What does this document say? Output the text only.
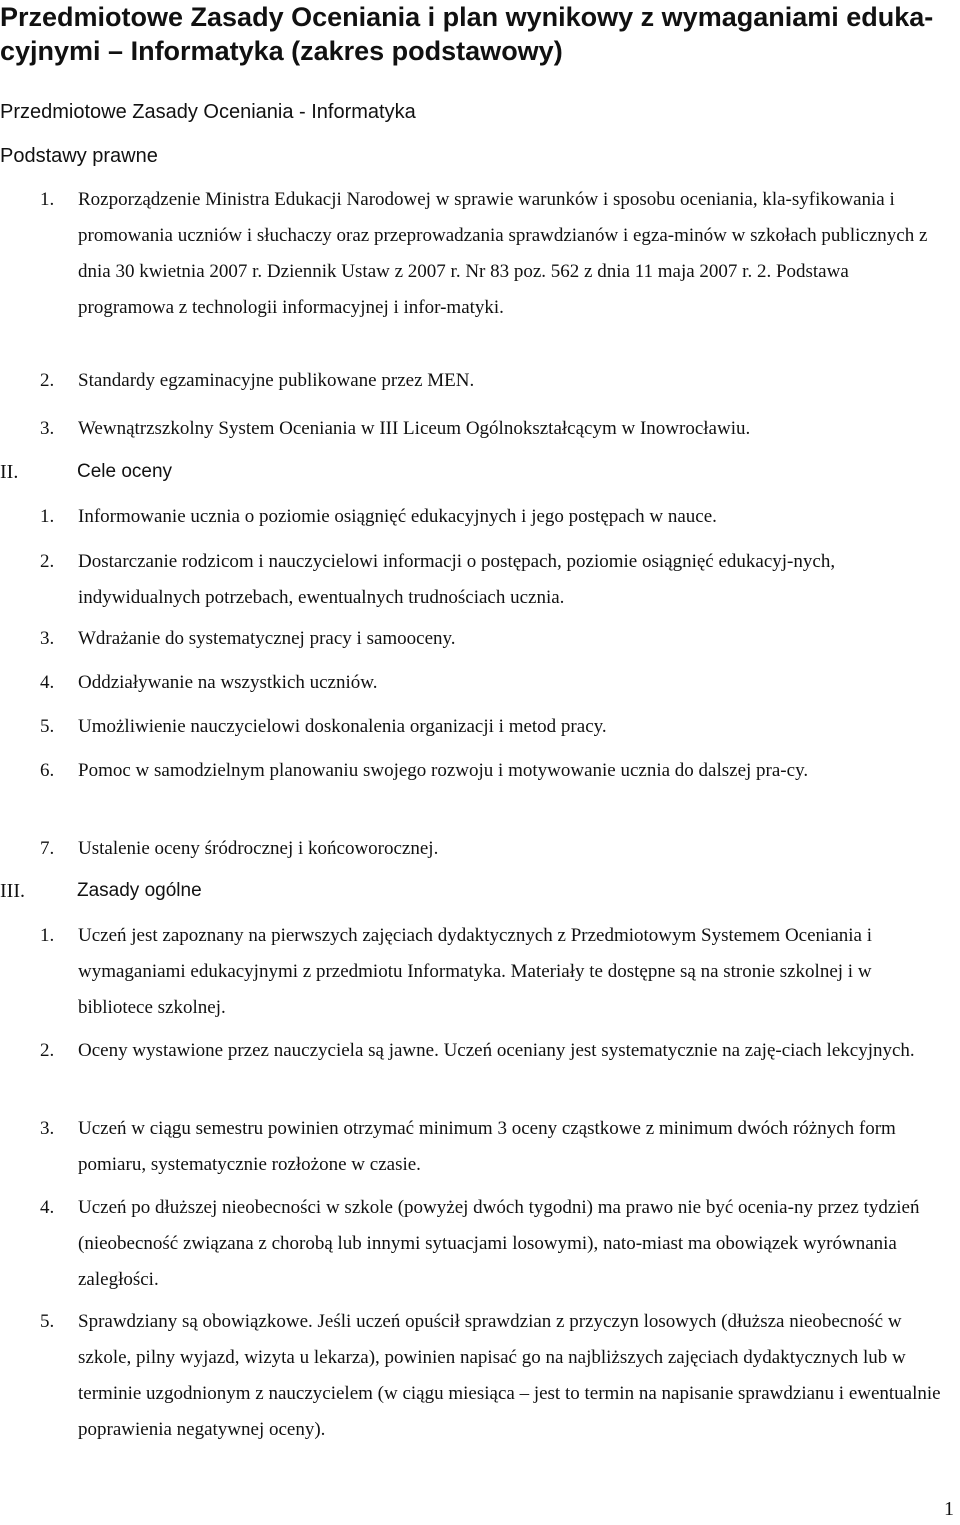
Przedmiotowe Zasady Oceniania i plan wynikowy z wymaganiami eduka-
cyjnymi – Informatyka (zakres podstawowy)
Przedmiotowe Zasady Oceniania - Informatyka
Podstawy prawne
1.	Rozporządzenie Ministra Edukacji Narodowej w sprawie warunków i sposobu oceniania, kla-syfikowania i promowania uczniów i słuchaczy oraz przeprowadzania sprawdzianów i egza-minów w szkołach publicznych z dnia 30 kwietnia 2007 r. Dziennik Ustaw z 2007 r. Nr 83 poz. 562 z dnia 11 maja 2007 r. 2. Podstawa programowa z technologii informacyjnej i infor-matyki.
2.	Standardy egzaminacyjne publikowane przez MEN.
3.	Wewnątrzszkolny System Oceniania w III Liceum Ogólnokształcącym w Inowrocławiu.
II.	Cele oceny
1.	Informowanie ucznia o poziomie osiągnięć edukacyjnych i jego postępach w nauce.
2.	Dostarczanie rodzicom i nauczycielowi informacji o postępach, poziomie osiągnięć edukacyj-nych, indywidualnych potrzebach, ewentualnych trudnościach ucznia.
3.	Wdrażanie do systematycznej pracy i samooceny.
4.	Oddziaływanie na wszystkich uczniów.
5.	Umożliwienie nauczycielowi doskonalenia organizacji i metod pracy.
6.	Pomoc w samodzielnym planowaniu swojego rozwoju i motywowanie ucznia do dalszej pra-cy.
7.	Ustalenie oceny śródrocznej i końcoworocznej.
III.	Zasady ogólne
1.	Uczeń jest zapoznany na pierwszych zajęciach dydaktycznych z Przedmiotowym Systemem Oceniania i wymaganiami edukacyjnymi z przedmiotu Informatyka. Materiały te dostępne są na stronie szkolnej i w bibliotece szkolnej.
2.	Oceny wystawione przez nauczyciela są jawne. Uczeń oceniany jest systematycznie na zaję-ciach lekcyjnych.
3.	Uczeń w ciągu semestru powinien otrzymać minimum 3 oceny cząstkowe z minimum dwóch różnych form pomiaru, systematycznie rozłożone w czasie.
4.	Uczeń po dłuższej nieobecności w szkole (powyżej dwóch tygodni) ma prawo nie być ocenia-ny przez tydzień (nieobecność związana z chorobą lub innymi sytuacjami losowymi), nato-miast ma obowiązek wyrównania zaległości.
5.	Sprawdziany są obowiązkowe. Jeśli uczeń opuścił sprawdzian z przyczyn losowych (dłuższa nieobecność w szkole, pilny wyjazd, wizyta u lekarza), powinien napisać go na najbliższych zajęciach dydaktycznych lub w terminie uzgodnionym z nauczycielem (w ciągu miesiąca – jest to termin na napisanie sprawdzianu i ewentualnie poprawienia negatywnej oceny).
1
